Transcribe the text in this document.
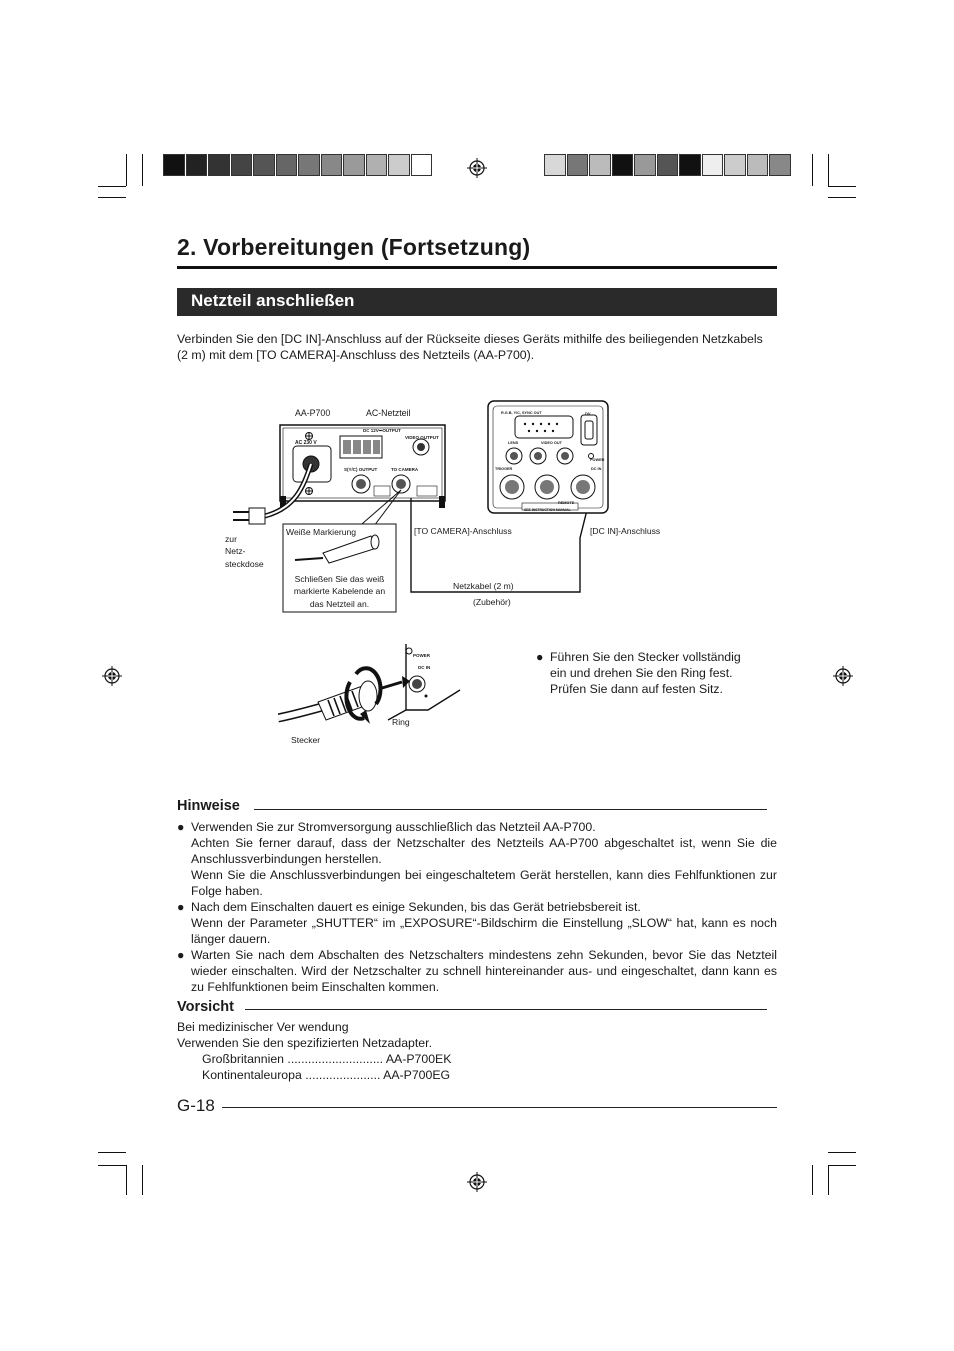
2. Vorbereitungen (Fortsetzung)
Netzteil anschließen
Verbinden Sie den [DC IN]-Anschluss auf der Rückseite dieses Geräts mithilfe des beiliegenden Netzkabels (2 m) mit dem [TO CAMERA]-Anschluss des Netzteils (AA-P700).
AA-P700	AC-Netzteil
AC 230 V
DC 12V⎓OUTPUT
VIDEO OUTPUT
S(Y/C) OUTPUT	TO CAMERA
R.G.B, Y/C, SYNC OUT	DV
LENS	VIDEO OUT
TRIGGER	DC IN
POWER
REMOTE
SEE INSTRUCTION MANUAL
zur
Netz-
steckdose
Weiße Markierung
Schließen Sie das weiß
markierte Kabelende an
das Netzteil an.
[TO CAMERA]-Anschluss	[DC IN]-Anschluss
Netzkabel (2 m)
(Zubehör)
POWER
DC IN
Ring
Stecker
● Führen Sie den Stecker vollständig
ein und drehen Sie den Ring fest.
Prüfen Sie dann auf festen Sitz.
Hinweise

● Verwenden Sie zur Stromversorgung ausschließlich das Netzteil AA-P700.

Achten Sie ferner darauf, dass der Netzschalter des Netzteils AA-P700 abgeschaltet ist, wenn Sie die Anschlussverbindungen herstellen.
Wenn Sie die Anschlussverbindungen bei eingeschaltetem Gerät herstellen, kann dies Fehlfunktionen zur Folge haben.

● Nach dem Einschalten dauert es einige Sekunden, bis das Gerät betriebsbereit ist.

Wenn der Parameter „SHUTTER“ im „EXPOSURE“-Bildschirm die Einstellung „SLOW“ hat, kann es noch länger dauern.

● Warten Sie nach dem Abschalten des Netzschalters mindestens zehn Sekunden, bevor Sie das Netzteil wieder einschalten. Wird der Netzschalter zu schnell hintereinander aus- und eingeschaltet, dann kann es zu Fehlfunktionen beim Einschalten kommen.

Vorsicht
Bei medizinischer Ver wendung
Verwenden Sie den spezifizierten Netzadapter.
Großbritannien ............................ AA-P700EK
Kontinentaleuropa ...................... AA-P700EG
G-18
